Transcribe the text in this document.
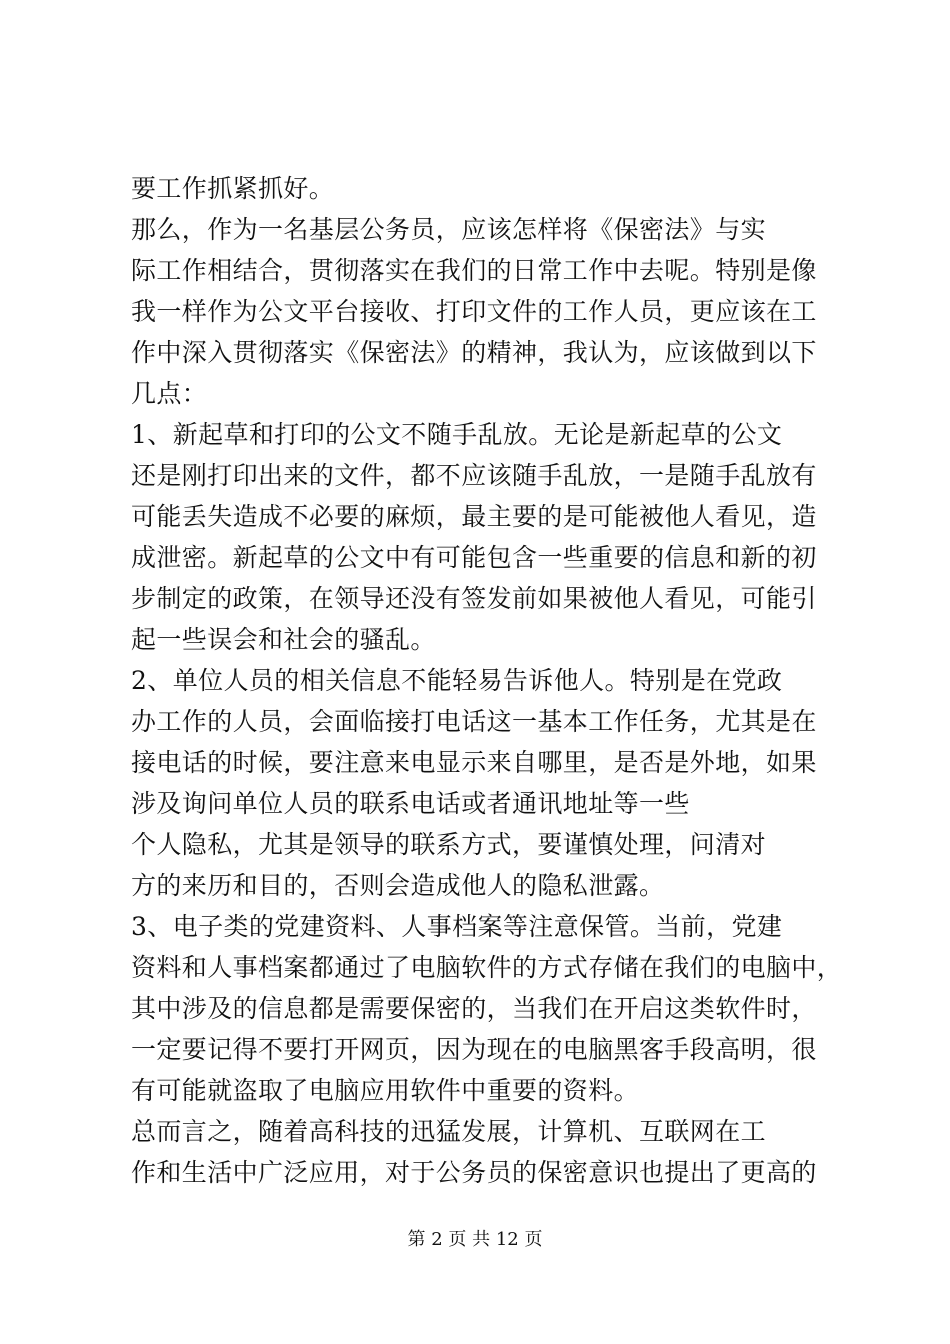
要工作抓紧抓好。
那么，作为一名基层公务员，应该怎样将《保密法》与实
际工作相结合，贯彻落实在我们的日常工作中去呢。特别是像
我一样作为公文平台接收、打印文件的工作人员，更应该在工
作中深入贯彻落实《保密法》的精神，我认为，应该做到以下
几点：
1、新起草和打印的公文不随手乱放。无论是新起草的公文
还是刚打印出来的文件，都不应该随手乱放，一是随手乱放有
可能丢失造成不必要的麻烦，最主要的是可能被他人看见，造
成泄密。新起草的公文中有可能包含一些重要的信息和新的初
步制定的政策，在领导还没有签发前如果被他人看见，可能引
起一些误会和社会的骚乱。
2、单位人员的相关信息不能轻易告诉他人。特别是在党政
办工作的人员，会面临接打电话这一基本工作任务，尤其是在
接电话的时候，要注意来电显示来自哪里，是否是外地，如果
涉及询问单位人员的联系电话或者通讯地址等一些
个人隐私，尤其是领导的联系方式，要谨慎处理，问清对
方的来历和目的，否则会造成他人的隐私泄露。
3、电子类的党建资料、人事档案等注意保管。当前，党建
资料和人事档案都通过了电脑软件的方式存储在我们的电脑中，
其中涉及的信息都是需要保密的，当我们在开启这类软件时，
一定要记得不要打开网页，因为现在的电脑黑客手段高明，很
有可能就盗取了电脑应用软件中重要的资料。
总而言之，随着高科技的迅猛发展，计算机、互联网在工
作和生活中广泛应用，对于公务员的保密意识也提出了更高的
第 2 页 共 12 页
